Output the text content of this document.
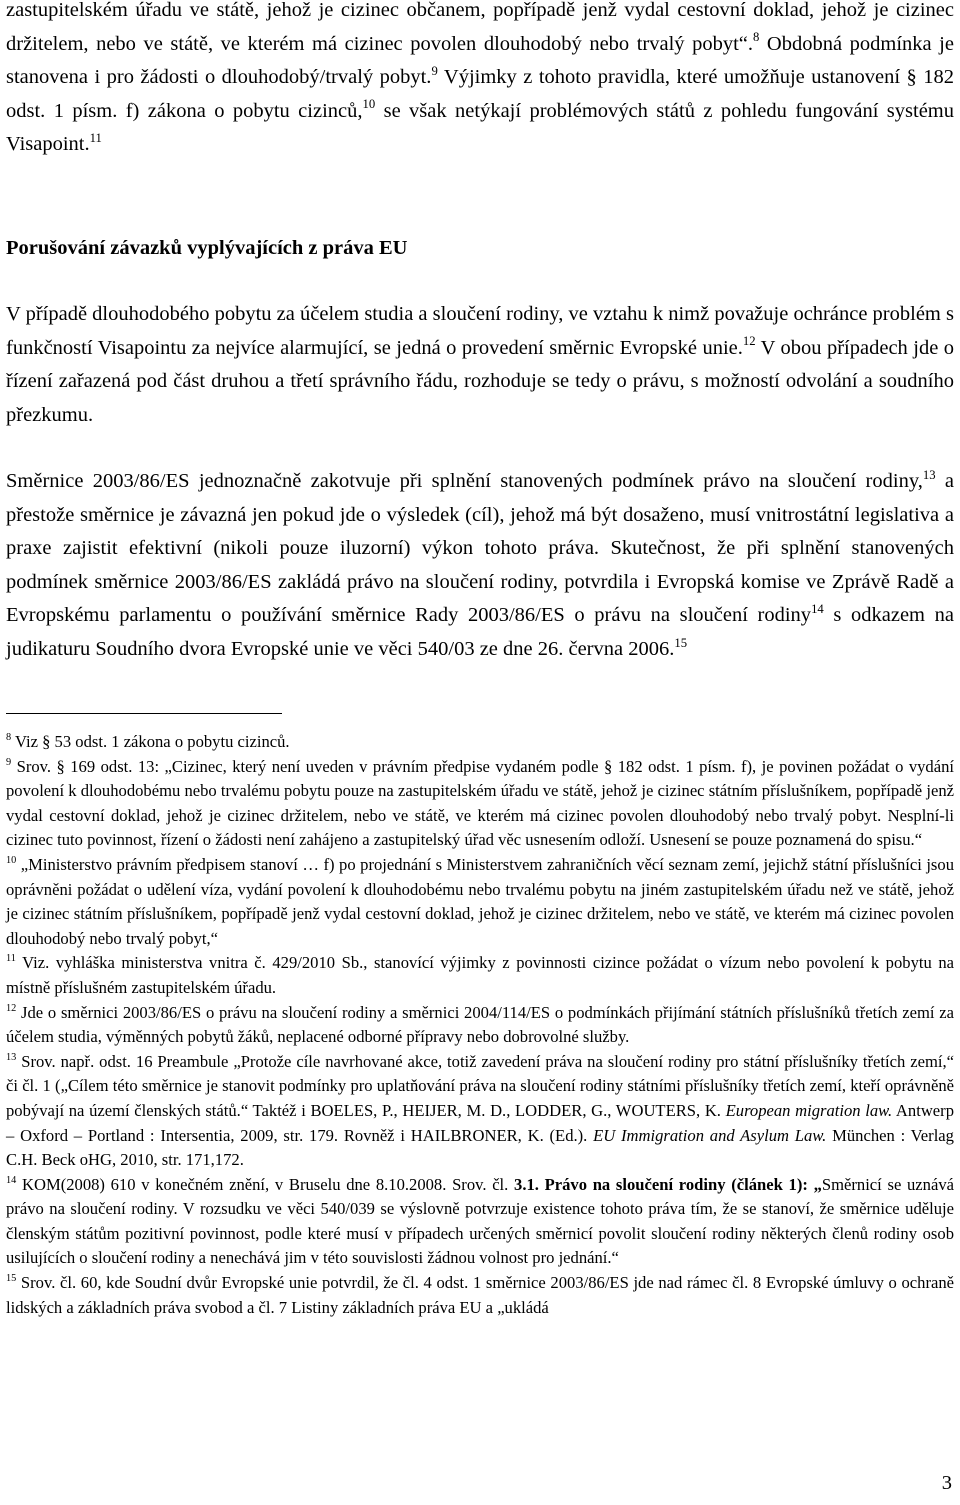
zastupitelském úřadu ve státě, jehož je cizinec občanem, popřípadě jenž vydal cestovní doklad, jehož je cizinec držitelem, nebo ve státě, ve kterém má cizinec povolen dlouhodobý nebo trvalý pobyt“.$^8$ Obdobná podmínka je stanovena i pro žádosti o dlouhodobý/trvalý pobyt.$^9$ Výjimky z tohoto pravidla, které umožňuje ustanovení § 182 odst. 1 písm. f) zákona o pobytu cizinců,$^{10}$ se však netýkají problémových států z pohledu fungování systému Visapoint.$^{11}$

Porušování závazků vyplývajících z práva EU

V případě dlouhodobého pobytu za účelem studia a sloučení rodiny, ve vztahu k nimž považuje ochránce problém s funkčností Visapointu za nejvíce alarmující, se jedná o provedení směrnic Evropské unie.$^{12}$ V obou případech jde o řízení zařazená pod část druhou a třetí správního řádu, rozhoduje se tedy o právu, s možností odvolání a soudního přezkumu.

Směrnice 2003/86/ES jednoznačně zakotvuje při splnění stanovených podmínek právo na sloučení rodiny,$^{13}$ a přestože směrnice je závazná jen pokud jde o výsledek (cíl), jehož má být dosaženo, musí vnitrostátní legislativa a praxe zajistit efektivní (nikoli pouze iluzorní) výkon tohoto práva. Skutečnost, že při splnění stanovených podmínek směrnice 2003/86/ES zakládá právo na sloučení rodiny, potvrdila i Evropská komise ve Zprávě Radě a Evropskému parlamentu o používání směrnice Rady 2003/86/ES o právu na sloučení rodiny$^{14}$ s odkazem na judikaturu Soudního dvora Evropské unie ve věci 540/03 ze dne 26. června 2006.15

$^8$ Viz § 53 odst. 1 zákona o pobytu cizinců.

$^9$ Srov. § 169 odst. 13: „Cizinec, který není uveden v právním předpise vydaném podle § 182 odst. 1 písm. f), je povinen požádat o vydání povolení k dlouhodobému nebo trvalému pobytu pouze na zastupitelském úřadu ve státě, jehož je cizinec státním příslušníkem, popřípadě jenž vydal cestovní doklad, jehož je cizinec držitelem, nebo ve státě, ve kterém má cizinec povolen dlouhodobý nebo trvalý pobyt. Nesplní-li cizinec tuto povinnost, řízení o žádosti není zahájeno a zastupitelský úřad věc usnesením odloží. Usnesení se pouze poznamená do spisu.“

$^{10}$ „Ministerstvo právním předpisem stanoví … f) po projednání s Ministerstvem zahraničních věcí seznam zemí, jejichž státní příslušníci jsou oprávněni požádat o udělení víza, vydání povolení k dlouhodobému nebo trvalému pobytu na jiném zastupitelském úřadu než ve státě, jehož je cizinec státním příslušníkem, popřípadě jenž vydal cestovní doklad, jehož je cizinec držitelem, nebo ve státě, ve kterém má cizinec povolen dlouhodobý nebo trvalý pobyt,“

$^{11}$ Viz. vyhláška ministerstva vnitra č. 429/2010 Sb., stanovící výjimky z povinnosti cizince požádat o vízum nebo povolení k pobytu na místně příslušném zastupitelském úřadu.

$^{12}$ Jde o směrnici 2003/86/ES o právu na sloučení rodiny a směrnici 2004/114/ES o podmínkách přijímání státních příslušníků třetích zemí za účelem studia, výměnných pobytů žáků, neplacené odborné přípravy nebo dobrovolné služby.

$^{13}$ Srov. např. odst. 16 Preambule „Protože cíle navrhované akce, totiž zavedení práva na sloučení rodiny pro státní příslušníky třetích zemí,“ či čl. 1 („Cílem této směrnice je stanovit podmínky pro uplatňování práva na sloučení rodiny státními příslušníky třetích zemí, kteří oprávněně pobývají na území členských států.“ Taktéž i BOELES, P., HEIJER, M. D., LODDER, G., WOUTERS, K. European migration law. Antwerp – Oxford – Portland : Intersentia, 2009, str. 179. Rovněž i HAILBRONER, K. (Ed.). EU Immigration and Asylum Law. München : Verlag C.H. Beck oHG, 2010, str. 171,172.

$^{14}$ KOM(2008) 610 v konečném znění, v Bruselu dne 8.10.2008. Srov. čl. 3.1. Právo na sloučení rodiny (článek 1): „Směrnicí se uznává právo na sloučení rodiny. V rozsudku ve věci 540/039 se výslovně potvrzuje existence tohoto práva tím, že se stanoví, že směrnice uděluje členským státům pozitivní povinnost, podle které musí v případech určených směrnicí povolit sloučení rodiny některých členů rodiny osob usilujících o sloučení rodiny a nenechává jim v této souvislosti žádnou volnost pro jednání.“

$^{15}$ Srov. čl. 60, kde Soudní dvůr Evropské unie potvrdil, že čl. 4 odst. 1 směrnice 2003/86/ES jde nad rámec čl. 8 Evropské úmluvy o ochraně lidských a základních práva svobod a čl. 7 Listiny základních práva EU a „ukládá

3
